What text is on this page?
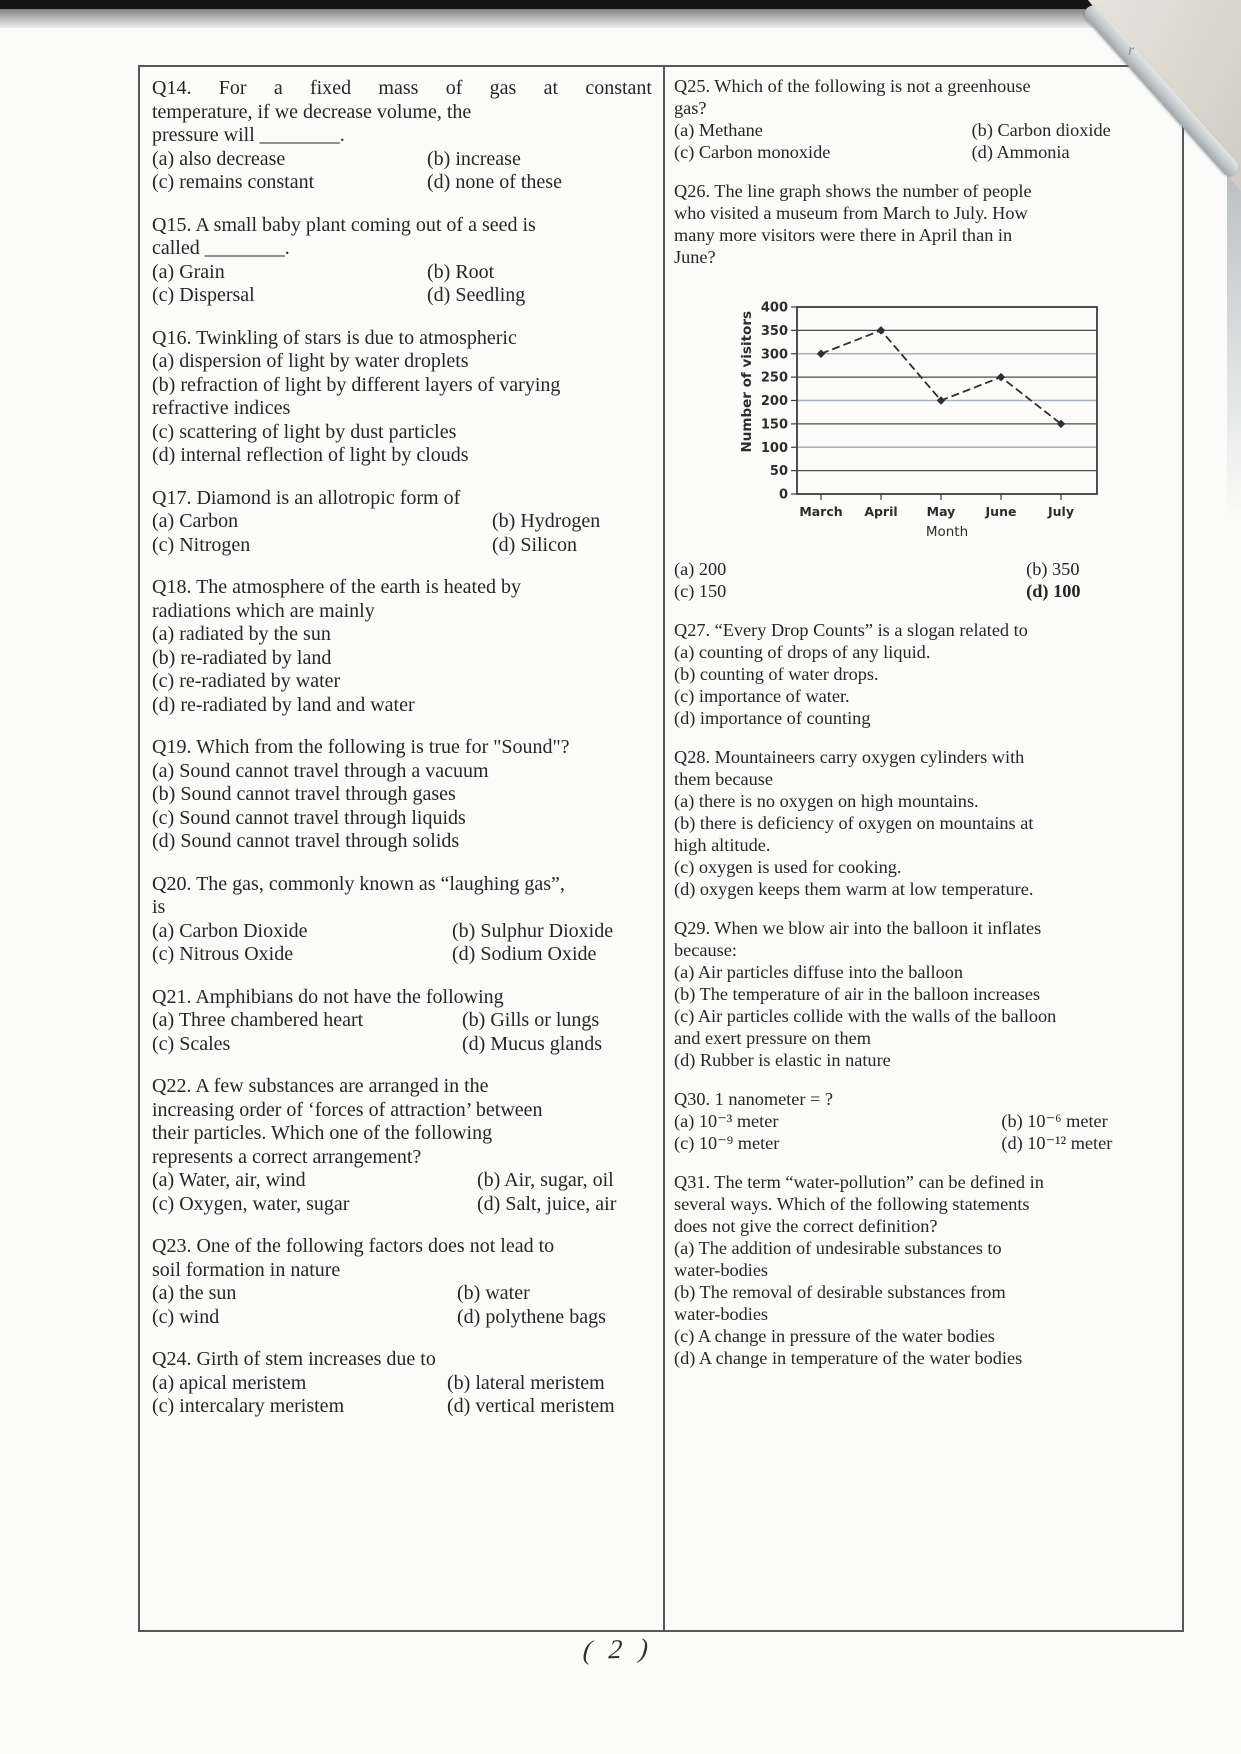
Q14. For a fixed mass of gas at constant
temperature, if we decrease volume, the
pressure will ________.
(a) also decrease	(b) increase
(c) remains constant	(d) none of these
Q15. A small baby plant coming out of a seed is
called ________.
(a) Grain	(b) Root
(c) Dispersal	(d) Seedling
Q16. Twinkling of stars is due to atmospheric
(a) dispersion of light by water droplets
(b) refraction of light by different layers of varying
refractive indices
(c) scattering of light by dust particles
(d) internal reflection of light by clouds
Q17. Diamond is an allotropic form of
(a) Carbon	(b) Hydrogen
(c) Nitrogen	(d) Silicon
Q18. The atmosphere of the earth is heated by
radiations which are mainly
(a) radiated by the sun
(b) re-radiated by land
(c) re-radiated by water
(d) re-radiated by land and water
Q19. Which from the following is true for "Sound"?
(a) Sound cannot travel through a vacuum
(b) Sound cannot travel through gases
(c) Sound cannot travel through liquids
(d) Sound cannot travel through solids
Q20. The gas, commonly known as “laughing gas”,
is
(a) Carbon Dioxide	(b) Sulphur Dioxide
(c) Nitrous Oxide	(d) Sodium Oxide
Q21. Amphibians do not have the following
(a) Three chambered heart	(b) Gills or lungs
(c) Scales	(d) Mucus glands
Q22. A few substances are arranged in the
increasing order of ‘forces of attraction’ between
their particles. Which one of the following
represents a correct arrangement?
(a) Water, air, wind	(b) Air, sugar, oil
(c) Oxygen, water, sugar	(d) Salt, juice, air
Q23. One of the following factors does not lead to
soil formation in nature
(a) the sun	(b) water
(c) wind	(d) polythene bags
Q24. Girth of stem increases due to
(a) apical meristem	(b) lateral meristem
(c) intercalary meristem	(d) vertical meristem
Q25. Which of the following is not a greenhouse
gas?
(a) Methane	(b) Carbon dioxide
(c) Carbon monoxide	(d) Ammonia
Q26. The line graph shows the number of people
who visited a museum from March to July. How
many more visitors were there in April than in
June?
400
350
300
250
200
150
100
50
0
March April May June	July
Number of visitors
Month
(a) 200	(b) 350
(c) 150	(d) 100
Q27. “Every Drop Counts” is a slogan related to
(a) counting of drops of any liquid.
(b) counting of water drops.
(c) importance of water.
(d) importance of counting
Q28. Mountaineers carry oxygen cylinders with
them because
(a) there is no oxygen on high mountains.
(b) there is deficiency of oxygen on mountains at
high altitude.
(c) oxygen is used for cooking.
(d) oxygen keeps them warm at low temperature.
Q29. When we blow air into the balloon it inflates
because:
(a) Air particles diffuse into the balloon
(b) The temperature of air in the balloon increases
(c) Air particles collide with the walls of the balloon
and exert pressure on them
(d) Rubber is elastic in nature
Q30. 1 nanometer = ?
(a) 10⁻³ meter	(b) 10⁻⁶ meter
(c) 10⁻⁹ meter	(d) 10⁻¹² meter
Q31. The term “water-pollution” can be defined in
several ways. Which of the following statements
does not give the correct definition?
(a) The addition of undesirable substances to
water-bodies
(b) The removal of desirable substances from
water-bodies
(c) A change in pressure of the water bodies
(d) A change in temperature of the water bodies
r
( 2 )
